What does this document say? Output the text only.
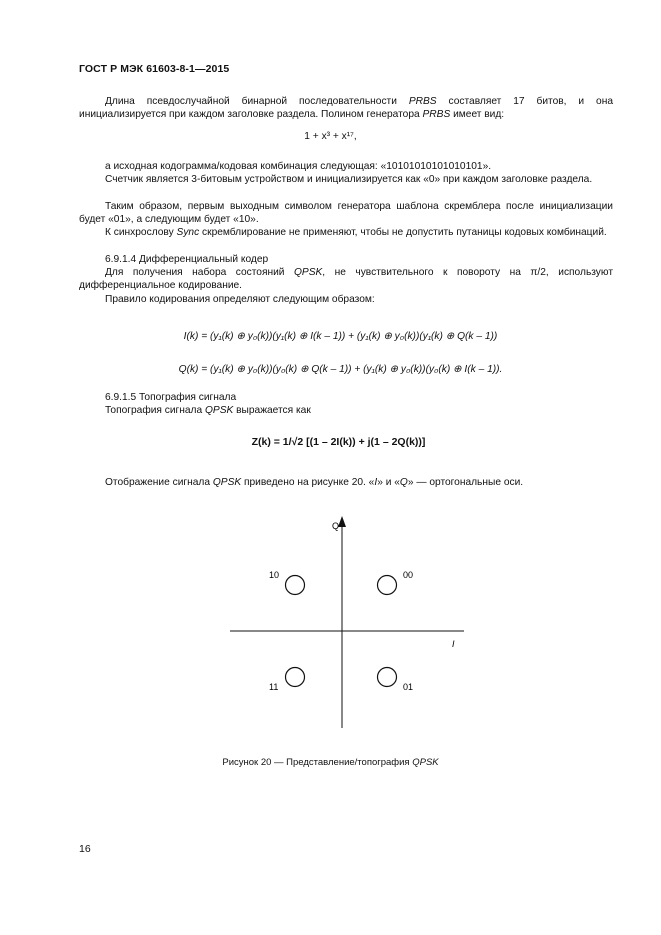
ГОСТ Р МЭК 61603-8-1—2015

Длина псевдослучайной бинарной последовательности PRBS составляет 17 битов, и она инициализируется при каждом заголовке раздела. Полином генератора PRBS имеет вид:

1 + x³ + x¹⁷,

а исходная кодограмма/кодовая комбинация следующая: «10101010101010101».

Счетчик является 3-битовым устройством и инициализируется как «0» при каждом заголовке раздела.

Таким образом, первым выходным символом генератора шаблона скремблера после инициализации будет «01», а следующим будет «10».

К синхрослову Sync скремблирование не применяют, чтобы не допустить путаницы кодовых комбинаций.

6.9.1.4 Дифференциальный кодер

Для получения набора состояний QPSK, не чувствительного к повороту на π/2, используют дифференциальное кодирование.

Правило кодирования определяют следующим образом:

I(k) = (y₁(k) ⊕ y₀(k))(y₁(k) ⊕ I(k – 1)) + (y₁(k) ⊕ y₀(k))(y₁(k) ⊕ Q(k – 1))

Q(k) = (y₁(k) ⊕ y₀(k))(y₀(k) ⊕ Q(k – 1)) + (y₁(k) ⊕ y₀(k))(y₀(k) ⊕ I(k – 1)).

6.9.1.5 Топография сигнала

Топография сигнала QPSK выражается как

Z(k) = 1/√2 [(1 – 2I(k)) + j(1 – 2Q(k))]

Отображение сигнала QPSK приведено на рисунке 20. «I» и «Q» — ортогональные оси.

Q
I
10	00
11	01
Рисунок 20 — Представление/топография QPSK
16
